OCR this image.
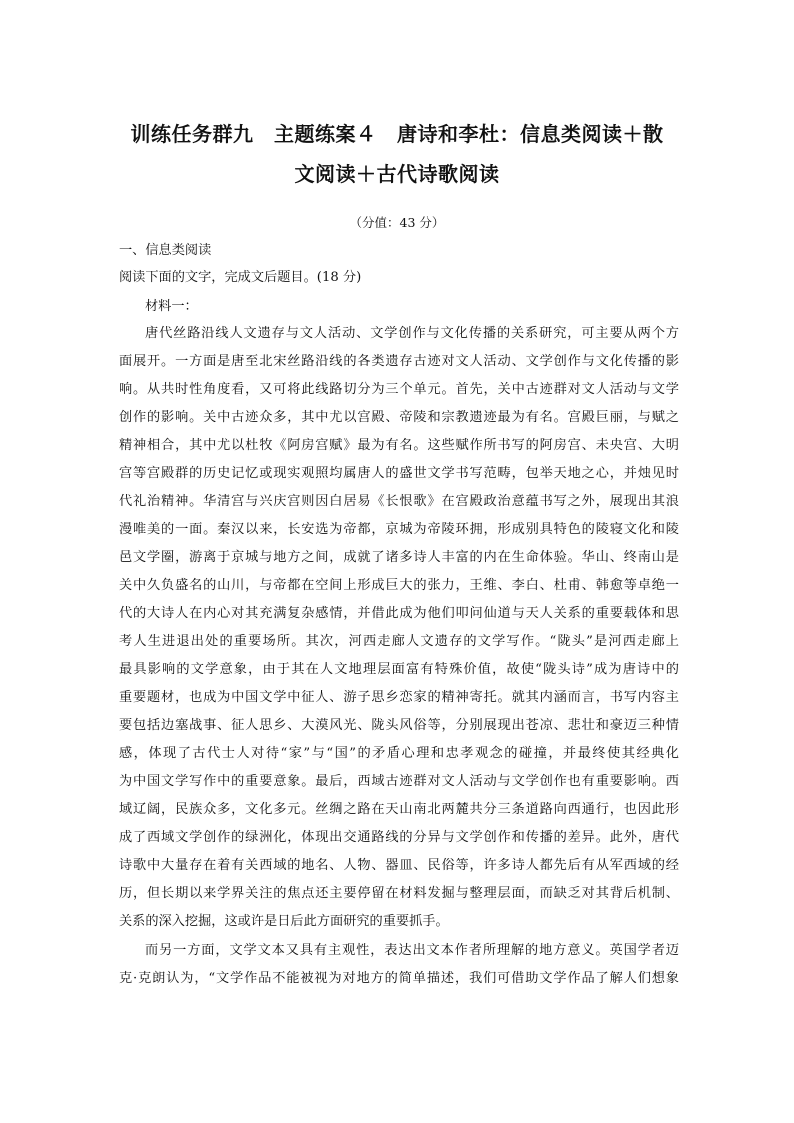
训练任务群九　主题练案４　唐诗和李杜：信息类阅读＋散
文阅读＋古代诗歌阅读
（分值：43 分）
一、信息类阅读
阅读下面的文字，完成文后题目。(18 分)
材料一：
唐代丝路沿线人文遗存与文人活动、文学创作与文化传播的关系研究，可主要从两个方
面展开。一方面是唐至北宋丝路沿线的各类遗存古迹对文人活动、文学创作与文化传播的影
响。从共时性角度看，又可将此线路切分为三个单元。首先，关中古迹群对文人活动与文学
创作的影响。关中古迹众多，其中尤以宫殿、帝陵和宗教遗迹最为有名。宫殿巨丽，与赋之
精神相合，其中尤以杜牧《阿房宫赋》最为有名。这些赋作所书写的阿房宫、未央宫、大明
宫等宫殿群的历史记忆或现实观照均属唐人的盛世文学书写范畴，包举天地之心，并烛见时
代礼治精神。华清宫与兴庆宫则因白居易《长恨歌》在宫殿政治意蕴书写之外，展现出其浪
漫唯美的一面。秦汉以来，长安选为帝都，京城为帝陵环拥，形成别具特色的陵寝文化和陵
邑文学圈，游离于京城与地方之间，成就了诸多诗人丰富的内在生命体验。华山、终南山是
关中久负盛名的山川，与帝都在空间上形成巨大的张力，王维、李白、杜甫、韩愈等卓绝一
代的大诗人在内心对其充满复杂感情，并借此成为他们叩问仙道与天人关系的重要载体和思
考人生进退出处的重要场所。其次，河西走廊人文遗存的文学写作。“陇头”是河西走廊上
最具影响的文学意象，由于其在人文地理层面富有特殊价值，故使“陇头诗”成为唐诗中的
重要题材，也成为中国文学中征人、游子思乡恋家的精神寄托。就其内涵而言，书写内容主
要包括边塞战事、征人思乡、大漠风光、陇头风俗等，分别展现出苍凉、悲壮和豪迈三种情
感，体现了古代士人对待“家”与“国”的矛盾心理和忠孝观念的碰撞，并最终使其经典化
为中国文学写作中的重要意象。最后，西域古迹群对文人活动与文学创作也有重要影响。西
域辽阔，民族众多，文化多元。丝绸之路在天山南北两麓共分三条道路向西通行，也因此形
成了西域文学创作的绿洲化，体现出交通路线的分异与文学创作和传播的差异。此外，唐代
诗歌中大量存在着有关西域的地名、人物、器皿、民俗等，许多诗人都先后有从军西域的经
历，但长期以来学界关注的焦点还主要停留在材料发掘与整理层面，而缺乏对其背后机制、
关系的深入挖掘，这或许是日后此方面研究的重要抓手。
而另一方面，文学文本又具有主观性，表达出文本作者所理解的地方意义。英国学者迈
克·克朗认为，“文学作品不能被视为对地方的简单描述，我们可借助文学作品了解人们想象
